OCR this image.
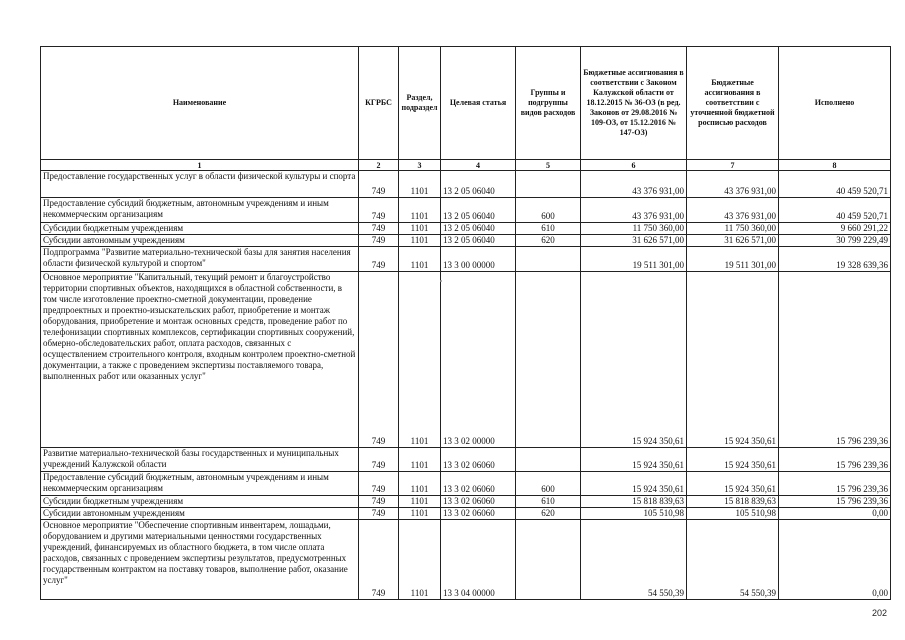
Наименование	КГРБС	Раздел, подраздел	Целевая статья	Группы и подгруппы видов расходов	Бюджетные ассигнования в соответствии с Законом Калужской области от 18.12.2015 № 36-ОЗ (в ред. Законов от 29.08.2016 № 109-ОЗ, от 15.12.2016 № 147-ОЗ)	Бюджетные ассигнования в соответствии с уточненной бюджетной росписью расходов	Исполнено
1	2	3	4	5	6	7	8
Предоставление государственных услуг в области физической культуры и спорта	749	1101	13 2 05 06040		43 376 931,00	43 376 931,00	40 459 520,71
Предоставление субсидий бюджетным, автономным учреждениям и иным некоммерческим организациям	749	1101	13 2 05 06040	600	43 376 931,00	43 376 931,00	40 459 520,71
Субсидии бюджетным учреждениям	749	1101	13 2 05 06040	610	11 750 360,00	11 750 360,00	9 660 291,22
Субсидии автономным учреждениям	749	1101	13 2 05 06040	620	31 626 571,00	31 626 571,00	30 799 229,49
Подпрограмма "Развитие материально-технической базы для занятия населения области физической культурой и спортом"	749	1101	13 3 00 00000		19 511 301,00	19 511 301,00	19 328 639,36
Основное мероприятие "Капитальный, текущий ремонт и благоустройство территории спортивных объектов, находящихся в областной собственности, в том числе изготовление проектно-сметной документации, проведение предпроектных и проектно-изыскательских работ, приобретение и монтаж оборудования, приобретение и монтаж основных средств, проведение работ по телефонизации спортивных комплексов, сертификации спортивных сооружений, обмерно-обследовательских работ, оплата расходов, связанных с осуществлением строительного контроля, входным контролем проектно-сметной документации, а также с проведением экспертизы поставляемого товара, выполненных работ или оказанных услуг"	749	1101	13 3 02 00000		15 924 350,61	15 924 350,61	15 796 239,36
Развитие материально-технической базы государственных и муниципальных учреждений Калужской области	749	1101	13 3 02 06060		15 924 350,61	15 924 350,61	15 796 239,36
Предоставление субсидий бюджетным, автономным учреждениям и иным некоммерческим организациям	749	1101	13 3 02 06060	600	15 924 350,61	15 924 350,61	15 796 239,36
Субсидии бюджетным учреждениям	749	1101	13 3 02 06060	610	15 818 839,63	15 818 839,63	15 796 239,36
Субсидии автономным учреждениям	749	1101	13 3 02 06060	620	105 510,98	105 510,98	0,00
Основное мероприятие "Обеспечение спортивным инвентарем, лошадьми, оборудованием и другими материальными ценностями государственных учреждений, финансируемых из областного бюджета, в том числе оплата расходов, связанных с проведением экспертизы результатов, предусмотренных государственным контрактом на поставку товаров, выполнение работ, оказание услуг"	749	1101	13 3 04 00000		54 550,39	54 550,39	0,00
202
